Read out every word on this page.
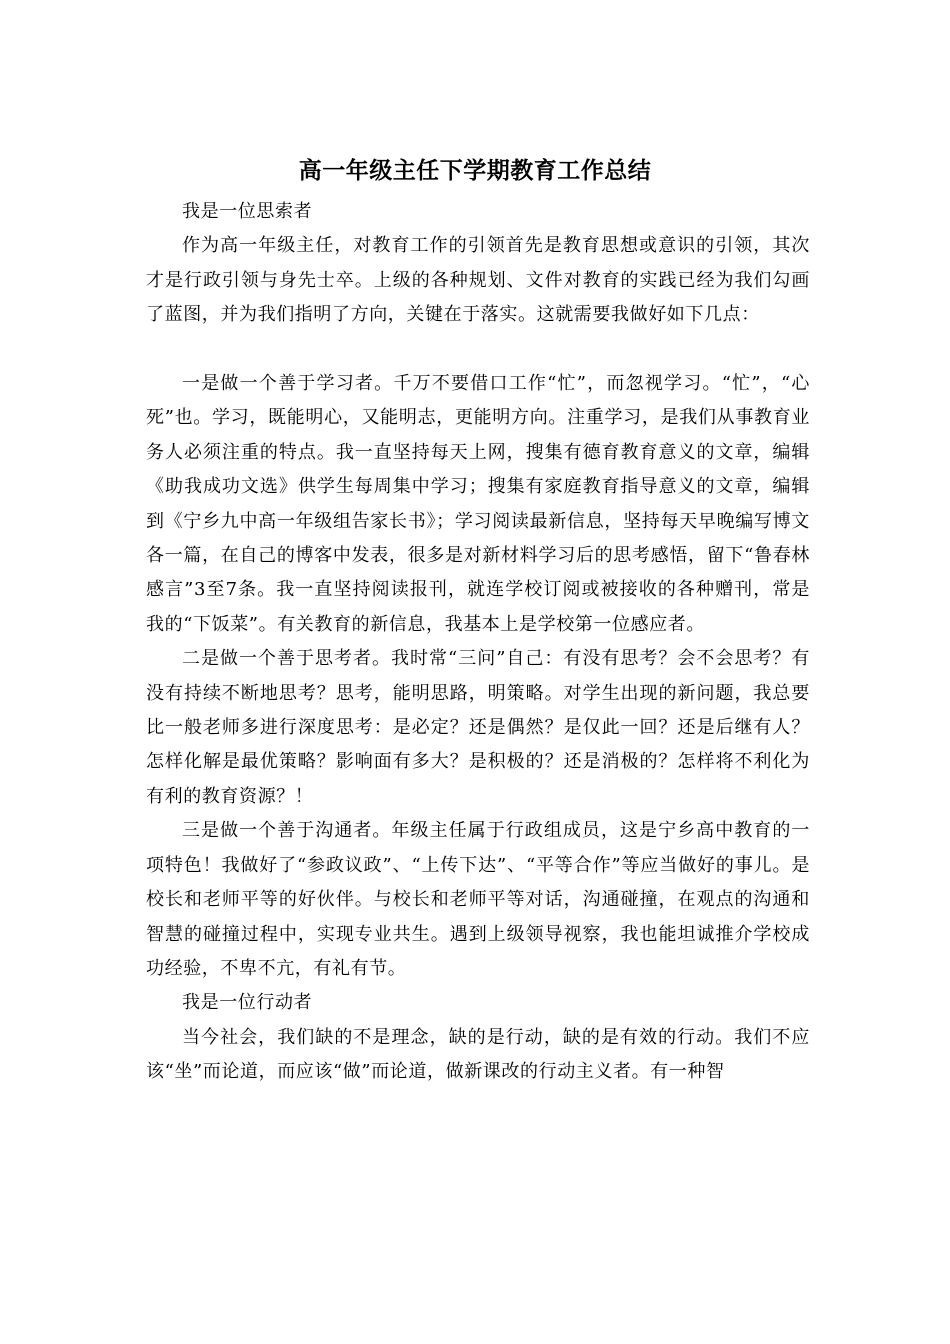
高一年级主任下学期教育工作总结

我是一位思索者

作为高一年级主任，对教育工作的引领首先是教育思想或意识的引领，其次才是行政引领与身先士卒。上级的各种规划、文件对教育的实践已经为我们勾画了蓝图，并为我们指明了方向，关键在于落实。这就需要我做好如下几点：

一是做一个善于学习者。千万不要借口工作“忙”，而忽视学习。“忙”，“心死”也。学习，既能明心，又能明志，更能明方向。注重学习，是我们从事教育业务人必须注重的特点。我一直坚持每天上网，搜集有德育教育意义的文章，编辑《助我成功文选》供学生每周集中学习；搜集有家庭教育指导意义的文章，编辑到《宁乡九中高一年级组告家长书》；学习阅读最新信息，坚持每天早晚编写博文各一篇，在自己的博客中发表，很多是对新材料学习后的思考感悟，留下“鲁春林感言”3至7条。我一直坚持阅读报刊，就连学校订阅或被接收的各种赠刊，常是我的“下饭菜”。有关教育的新信息，我基本上是学校第一位感应者。

二是做一个善于思考者。我时常“三问”自己：有没有思考？会不会思考？有没有持续不断地思考？思考，能明思路，明策略。对学生出现的新问题，我总要比一般老师多进行深度思考：是必定？还是偶然？是仅此一回？还是后继有人？怎样化解是最优策略？影响面有多大？是积极的？还是消极的？怎样将不利化为有利的教育资源？！

三是做一个善于沟通者。年级主任属于行政组成员，这是宁乡高中教育的一项特色！我做好了“参政议政”、“上传下达”、“平等合作”等应当做好的事儿。是校长和老师平等的好伙伴。与校长和老师平等对话，沟通碰撞，在观点的沟通和智慧的碰撞过程中，实现专业共生。遇到上级领导视察，我也能坦诚推介学校成功经验，不卑不亢，有礼有节。

我是一位行动者

当今社会，我们缺的不是理念，缺的是行动，缺的是有效的行动。我们不应该“坐”而论道，而应该“做”而论道，做新课改的行动主义者。有一种智
